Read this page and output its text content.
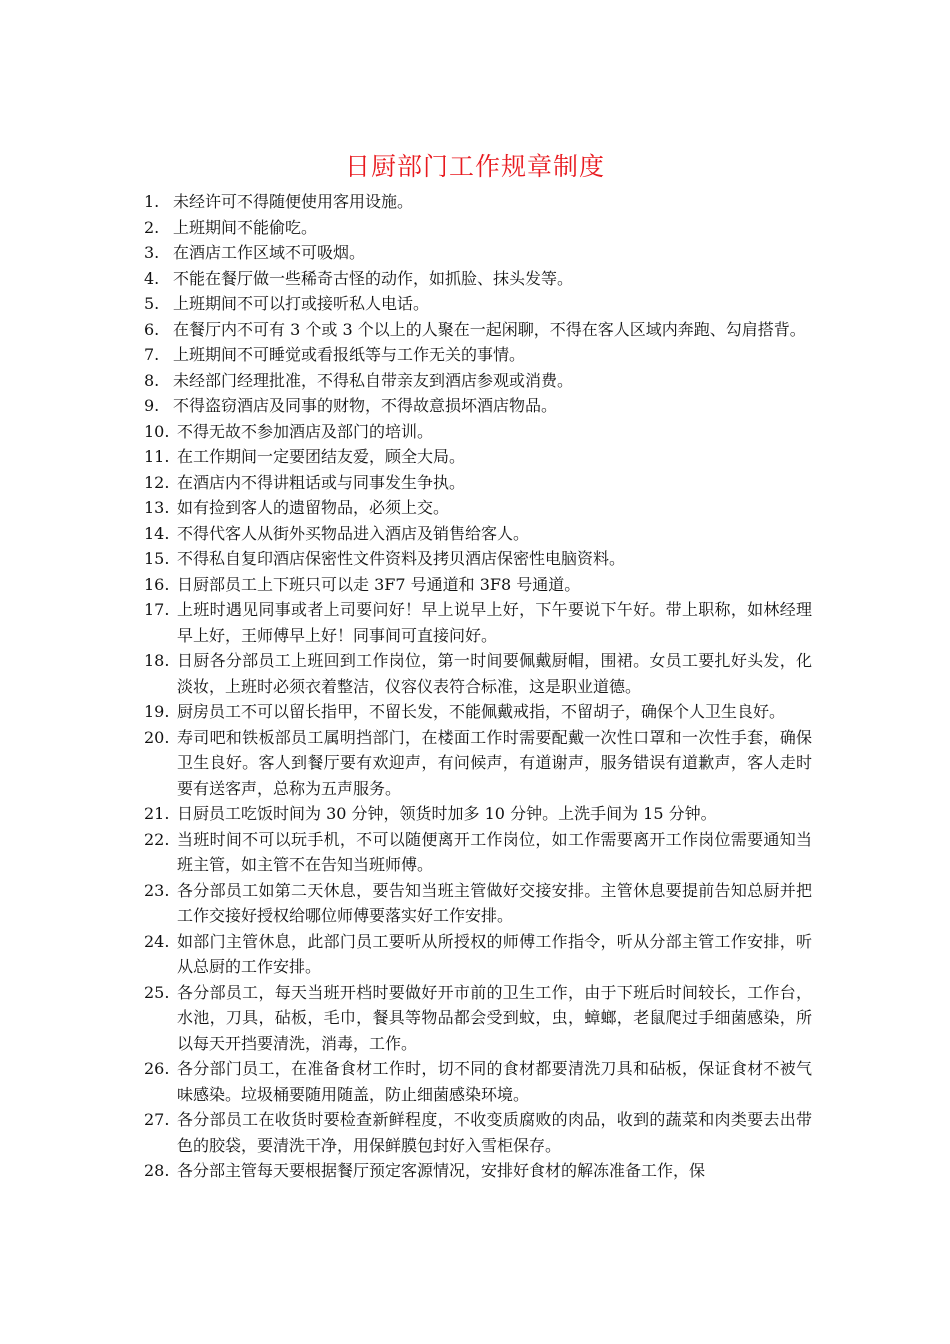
日厨部门工作规章制度
1. 未经许可不得随便使用客用设施。
2. 上班期间不能偷吃。
3. 在酒店工作区域不可吸烟。
4. 不能在餐厅做一些稀奇古怪的动作，如抓脸、抹头发等。
5. 上班期间不可以打或接听私人电话。
6. 在餐厅内不可有 3 个或 3 个以上的人聚在一起闲聊，不得在客人区域内奔跑、勾肩搭背。
7. 上班期间不可睡觉或看报纸等与工作无关的事情。
8. 未经部门经理批准，不得私自带亲友到酒店参观或消费。
9. 不得盗窃酒店及同事的财物，不得故意损坏酒店物品。
10. 不得无故不参加酒店及部门的培训。
11. 在工作期间一定要团结友爱，顾全大局。
12. 在酒店内不得讲粗话或与同事发生争执。
13. 如有捡到客人的遗留物品，必须上交。
14. 不得代客人从街外买物品进入酒店及销售给客人。
15. 不得私自复印酒店保密性文件资料及拷贝酒店保密性电脑资料。
16. 日厨部员工上下班只可以走 3F7 号通道和 3F8 号通道。
17. 上班时遇见同事或者上司要问好！早上说早上好，下午要说下午好。带上职称，如林经理早上好，王师傅早上好！同事间可直接问好。
18. 日厨各分部员工上班回到工作岗位，第一时间要佩戴厨帽，围裙。女员工要扎好头发，化淡妆，上班时必须衣着整洁，仪容仪表符合标准，这是职业道德。
19. 厨房员工不可以留长指甲，不留长发，不能佩戴戒指，不留胡子，确保个人卫生良好。
20. 寿司吧和铁板部员工属明挡部门，在楼面工作时需要配戴一次性口罩和一次性手套，确保卫生良好。客人到餐厅要有欢迎声，有问候声，有道谢声，服务错误有道歉声，客人走时要有送客声，总称为五声服务。
21. 日厨员工吃饭时间为 30 分钟，领货时加多 10 分钟。上洗手间为 15 分钟。
22. 当班时间不可以玩手机，不可以随便离开工作岗位，如工作需要离开工作岗位需要通知当班主管，如主管不在告知当班师傅。
23. 各分部员工如第二天休息，要告知当班主管做好交接安排。主管休息要提前告知总厨并把工作交接好授权给哪位师傅要落实好工作安排。
24. 如部门主管休息，此部门员工要听从所授权的师傅工作指令，听从分部主管工作安排，听从总厨的工作安排。
25. 各分部员工，每天当班开档时要做好开市前的卫生工作，由于下班后时间较长，工作台，水池，刀具，砧板，毛巾，餐具等物品都会受到蚊，虫，蟑螂，老鼠爬过手细菌感染，所以每天开挡要清洗，消毒，工作。
26. 各分部门员工，在准备食材工作时，切不同的食材都要清洗刀具和砧板，保证食材不被气味感染。垃圾桶要随用随盖，防止细菌感染环境。
27. 各分部员工在收货时要检查新鲜程度，不收变质腐败的肉品，收到的蔬菜和肉类要去出带色的胶袋，要清洗干净，用保鲜膜包封好入雪柜保存。
28. 各分部主管每天要根据餐厅预定客源情况，安排好食材的解冻准备工作，保
